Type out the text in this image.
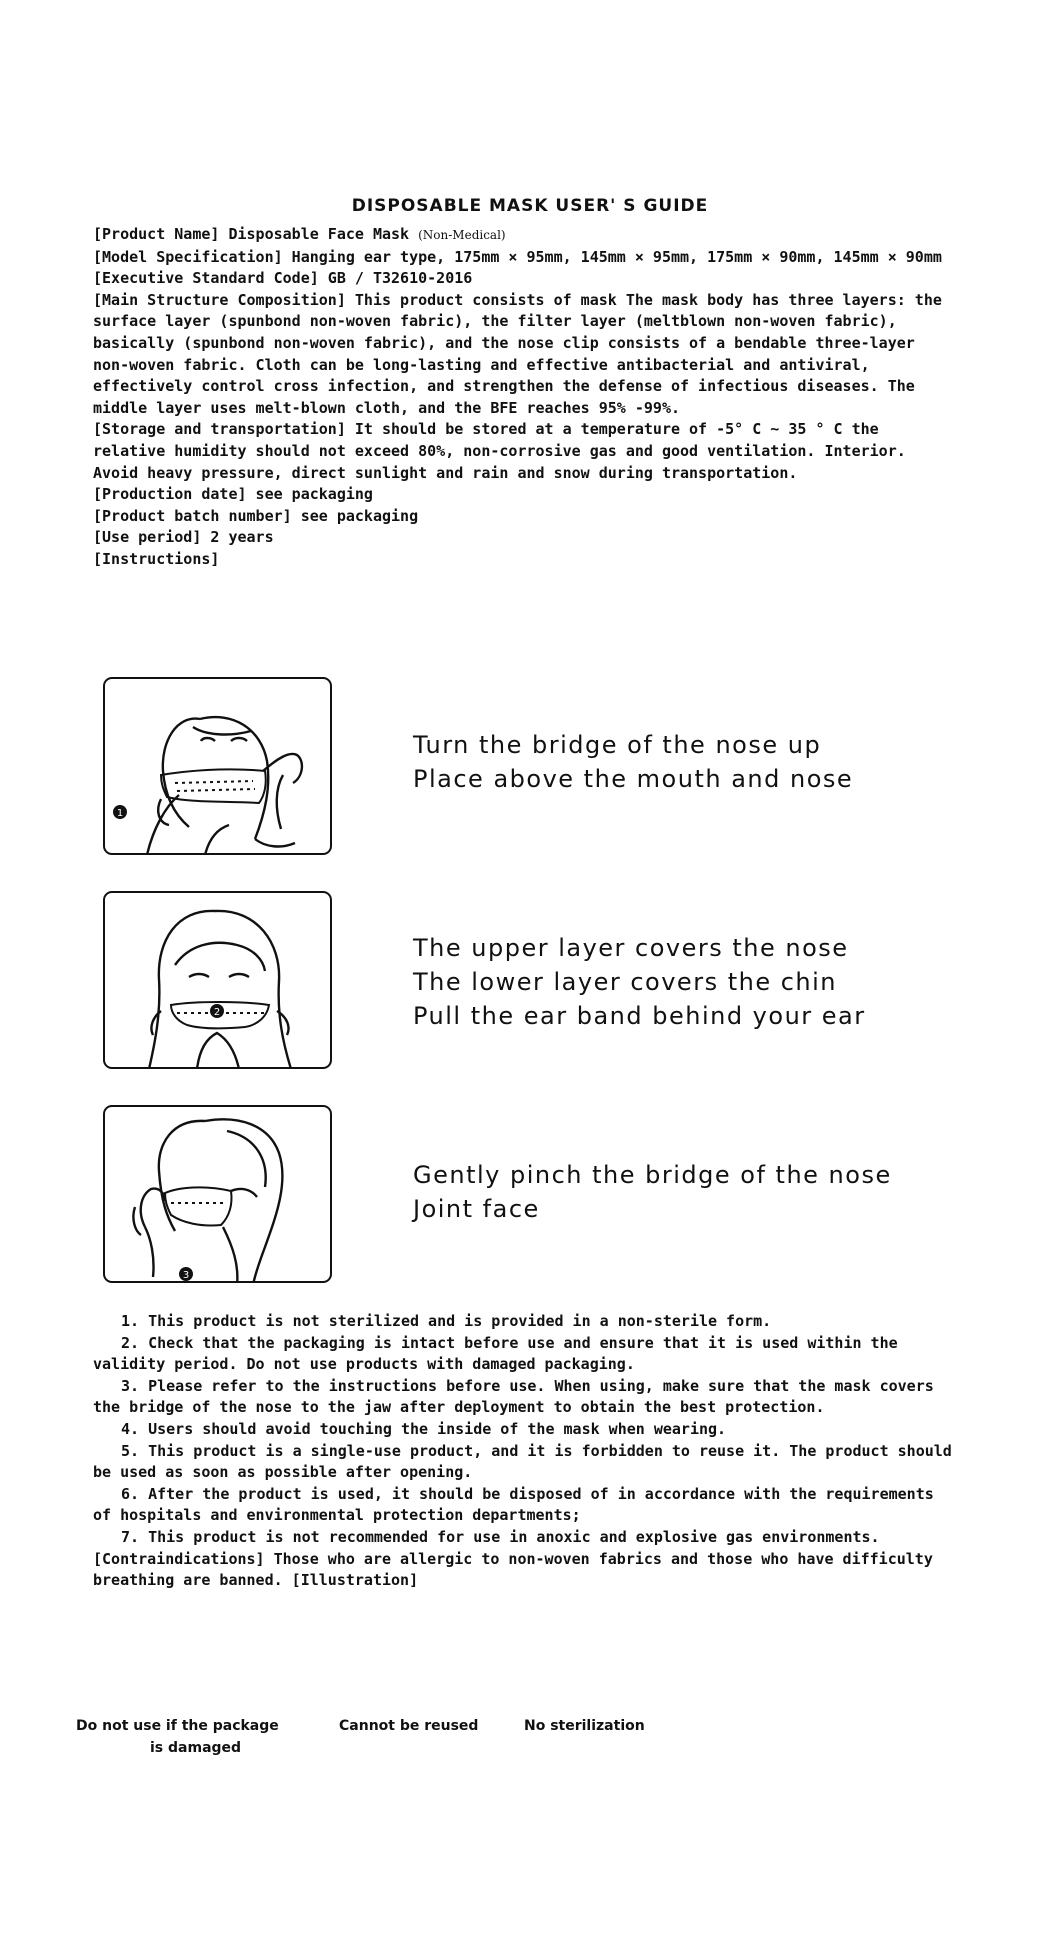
DISPOSABLE MASK USER' S GUIDE

[Product Name] Disposable Face Mask (Non-Medical)

[Model Specification] Hanging ear type, 175mm × 95mm, 145mm × 95mm, 175mm × 90mm, 145mm × 90mm

[Executive Standard Code] GB / T32610-2016

[Main Structure Composition] This product consists of mask The mask body has three layers: the surface layer (spunbond non-woven fabric), the filter layer (meltblown non-woven fabric), basically (spunbond non-woven fabric), and the nose clip consists of a bendable three-layer non-woven fabric. Cloth can be long-lasting and effective antibacterial and antiviral, effectively control cross infection, and strengthen the defense of infectious diseases. The middle layer uses melt-blown cloth, and the BFE reaches 95% -99%.

[Storage and transportation] It should be stored at a temperature of -5° C ~ 35 ° C the relative humidity should not exceed 80%, non-corrosive gas and good ventilation. Interior. Avoid heavy pressure, direct sunlight and rain and snow during transportation.

[Production date] see packaging

[Product batch number] see packaging

[Use period] 2 years

[Instructions]

1
Turn the bridge of the nose up
Place above the mouth and nose
2
The upper layer covers the nose
The lower layer covers the chin
Pull the ear band behind your ear
3
Gently pinch the bridge of the nose
Joint face

1. This product is not sterilized and is provided in a non-sterile form.

2. Check that the packaging is intact before use and ensure that it is used within the validity period. Do not use products with damaged packaging.

3. Please refer to the instructions before use. When using, make sure that the mask covers the bridge of the nose to the jaw after deployment to obtain the best protection.

4. Users should avoid touching the inside of the mask when wearing.

5. This product is a single-use product, and it is forbidden to reuse it. The product should be used as soon as possible after opening.

6. After the product is used, it should be disposed of in accordance with the requirements of hospitals and environmental protection departments;

7. This product is not recommended for use in anoxic and explosive gas environments.

[Contraindications] Those who are allergic to non-woven fabrics and those who have difficulty breathing are banned. [Illustration]

Do not use if the package
is damaged
Cannot be reused	No sterilization
